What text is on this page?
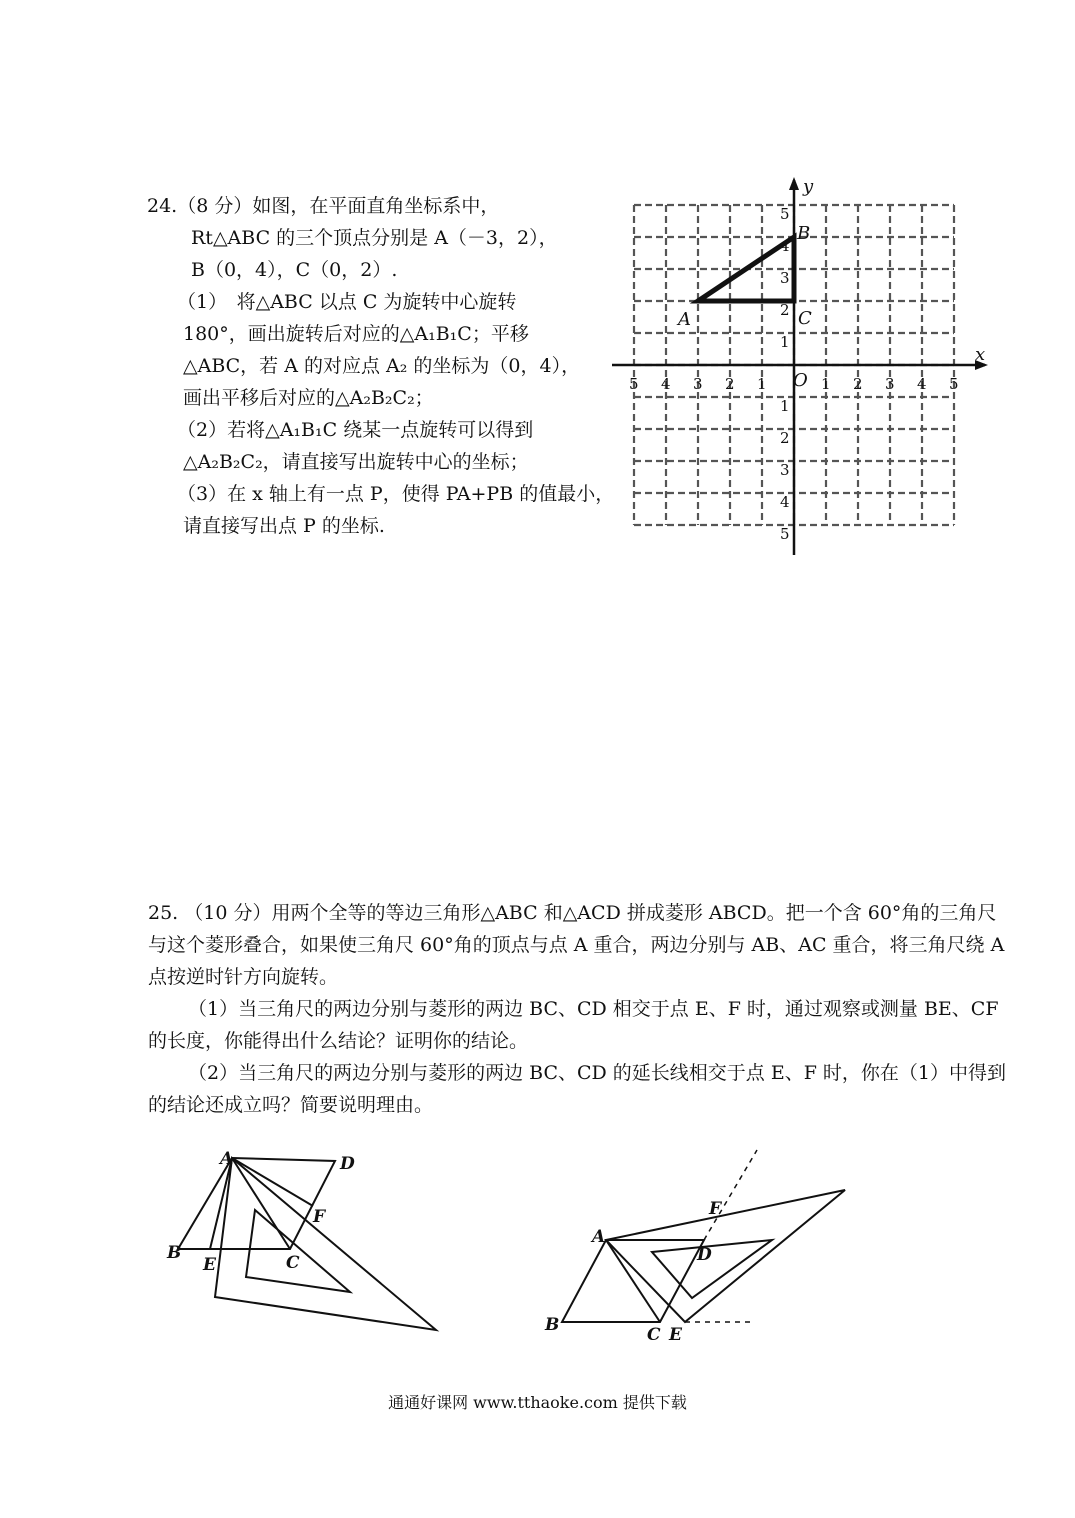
24.（8 分）如图，在平面直角坐标系中，
Rt△ABC 的三个顶点分别是 A（－3，2），
B（0，4），C（0，2）.
（1）　将△ABC 以点 C 为旋转中心旋转
180°，画出旋转后对应的△A₁B₁C；平移
△ABC，若 A 的对应点 A₂ 的坐标为（0，4），
画出平移后对应的△A₂B₂C₂；
（2）若将△A₁B₁C 绕某一点旋转可以得到
△A₂B₂C₂，请直接写出旋转中心的坐标；
（3）在 x 轴上有一点 P，使得 PA+PB 的值最小，
请直接写出点 P 的坐标.
x
y
O
5 4 3 2 1	1 2 3 4 5
5
4
3
2
1
1
2
3
4
5
A
B
C

25. （10 分）用两个全等的等边三角形△ABC 和△ACD 拼成菱形 ABCD。把一个含 60°角的三角尺与这个菱形叠合，如果使三角尺 60°角的顶点与点 A 重合，两边分别与 AB、AC 重合，将三角尺绕 A 点按逆时针方向旋转。

（1）当三角尺的两边分别与菱形的两边 BC、CD 相交于点 E、F 时，通过观察或测量 BE、CF 的长度，你能得出什么结论？证明你的结论。

（2）当三角尺的两边分别与菱形的两边 BC、CD 的延长线相交于点 E、F 时，你在（1）中得到的结论还成立吗？简要说明理由。

A	D
F
B	C
E
A
F
D
B	C E
通通好课网 www.tthaoke.com 提供下载
